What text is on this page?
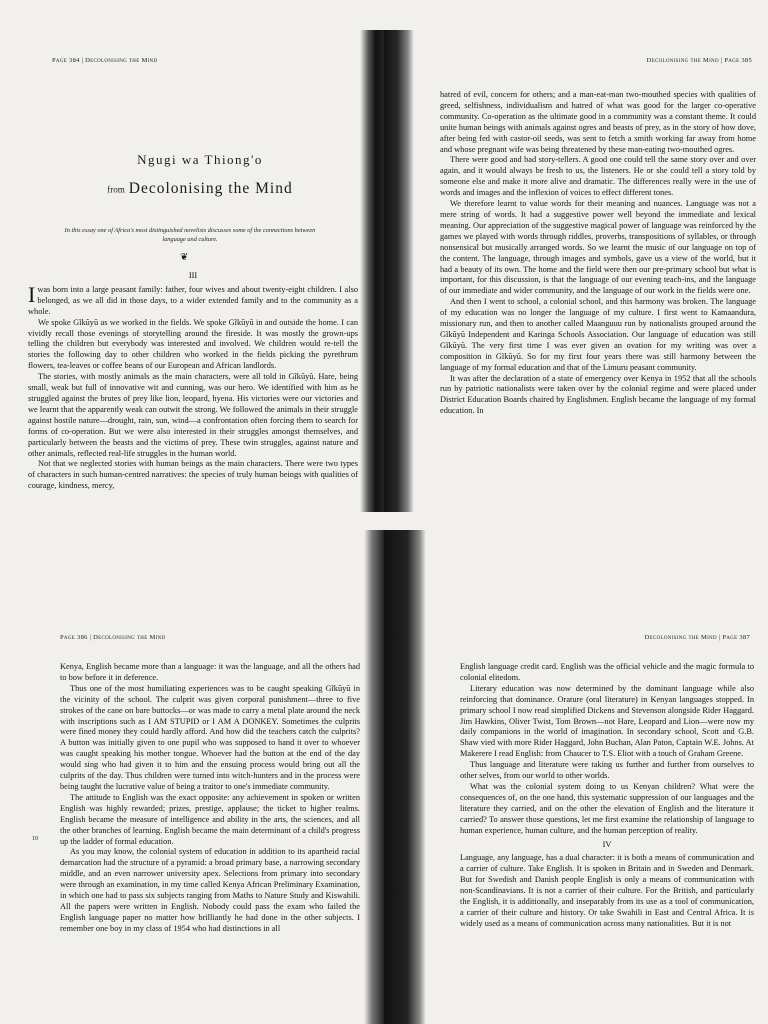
Page 384 | Decolonising the Mind
Ngugi wa Thiong'o
from Decolonising the Mind
In this essay one of Africa's most distinguished novelists discusses some of the connections between language and culture.
❦

III

Iwas born into a large peasant family: father, four wives and about twenty-eight children. I also belonged, as we all did in those days, to a wider extended family and to the community as a whole.

We spoke Gĩkũyũ as we worked in the fields. We spoke Gĩkũyũ in and outside the home. I can vividly recall those evenings of storytelling around the fireside. It was mostly the grown-ups telling the children but everybody was interested and involved. We children would re-tell the stories the following day to other children who worked in the fields picking the pyrethrum flowers, tea-leaves or coffee beans of our European and African landlords.

The stories, with mostly animals as the main characters, were all told in Gĩkũyũ. Hare, being small, weak but full of innovative wit and cunning, was our hero. We identified with him as he struggled against the brutes of prey like lion, leopard, hyena. His victories were our victories and we learnt that the apparently weak can outwit the strong. We followed the animals in their struggle against hostile nature—drought, rain, sun, wind—a confrontation often forcing them to search for forms of co-operation. But we were also interested in their struggles amongst themselves, and particularly between the beasts and the victims of prey. These twin struggles, against nature and other animals, reflected real-life struggles in the human world.

Not that we neglected stories with human beings as the main characters. There were two types of characters in such human-centred narratives: the species of truly human beings with qualities of courage, kindness, mercy,

Decolonising the Mind | Page 385

hatred of evil, concern for others; and a man-eat-man two-mouthed species with qualities of greed, selfishness, individualism and hatred of what was good for the larger co-operative community. Co-operation as the ultimate good in a community was a constant theme. It could unite human beings with animals against ogres and beasts of prey, as in the story of how dove, after being fed with castor-oil seeds, was sent to fetch a smith working far away from home and whose pregnant wife was being threatened by these man-eating two-mouthed ogres.

There were good and bad story-tellers. A good one could tell the same story over and over again, and it would always be fresh to us, the listeners. He or she could tell a story told by someone else and make it more alive and dramatic. The differences really were in the use of words and images and the inflexion of voices to effect different tones.

We therefore learnt to value words for their meaning and nuances. Language was not a mere string of words. It had a suggestive power well beyond the immediate and lexical meaning. Our appreciation of the suggestive magical power of language was reinforced by the games we played with words through riddles, proverbs, transpositions of syllables, or through nonsensical but musically arranged words. So we learnt the music of our language on top of the content. The language, through images and symbols, gave us a view of the world, but it had a beauty of its own. The home and the field were then our pre-primary school but what is important, for this discussion, is that the language of our evening teach-ins, and the language of our immediate and wider community, and the language of our work in the fields were one.

And then I went to school, a colonial school, and this harmony was broken. The language of my education was no longer the language of my culture. I first went to Kamaandura, missionary run, and then to another called Maanguuu run by nationalists grouped around the Gĩkũyũ Independent and Karinga Schools Association. Our language of education was still Gĩkũyũ. The very first time I was ever given an ovation for my writing was over a composition in Gĩkũyũ. So for my first four years there was still harmony between the language of my formal education and that of the Limuru peasant community.

It was after the declaration of a state of emergency over Kenya in 1952 that all the schools run by patriotic nationalists were taken over by the colonial regime and were placed under District Education Boards chaired by Englishmen. English became the language of my formal education. In

Page 386 | Decolonising the Mind
10

Kenya, English became more than a language: it was the language, and all the others had to bow before it in deference.

Thus one of the most humiliating experiences was to be caught speaking Gĩkũyũ in the vicinity of the school. The culprit was given corporal punishment—three to five strokes of the cane on bare buttocks—or was made to carry a metal plate around the neck with inscriptions such as I AM STUPID or I AM A DONKEY. Sometimes the culprits were fined money they could hardly afford. And how did the teachers catch the culprits? A button was initially given to one pupil who was supposed to hand it over to whoever was caught speaking his mother tongue. Whoever had the button at the end of the day would sing who had given it to him and the ensuing process would bring out all the culprits of the day. Thus children were turned into witch-hunters and in the process were being taught the lucrative value of being a traitor to one's immediate community.

The attitude to English was the exact opposite: any achievement in spoken or written English was highly rewarded; prizes, prestige, applause; the ticket to higher realms. English became the measure of intelligence and ability in the arts, the sciences, and all the other branches of learning. English became the main determinant of a child's progress up the ladder of formal education.

As you may know, the colonial system of education in addition to its apartheid racial demarcation had the structure of a pyramid: a broad primary base, a narrowing secondary middle, and an even narrower university apex. Selections from primary into secondary were through an examination, in my time called Kenya African Preliminary Examination, in which one had to pass six subjects ranging from Maths to Nature Study and Kiswahili. All the papers were written in English. Nobody could pass the exam who failed the English language paper no matter how brilliantly he had done in the other subjects. I remember one boy in my class of 1954 who had distinctions in all

Decolonising the Mind | Page 387

English language credit card. English was the official vehicle and the magic formula to colonial elitedom.

Literary education was now determined by the dominant language while also reinforcing that dominance. Orature (oral literature) in Kenyan languages stopped. In primary school I now read simplified Dickens and Stevenson alongside Rider Haggard. Jim Hawkins, Oliver Twist, Tom Brown—not Hare, Leopard and Lion—were now my daily companions in the world of imagination. In secondary school, Scott and G.B. Shaw vied with more Rider Haggard, John Buchan, Alan Paton, Captain W.E. Johns. At Makerere I read English: from Chaucer to T.S. Eliot with a touch of Graham Greene.

Thus language and literature were taking us further and further from ourselves to other selves, from our world to other worlds.

What was the colonial system doing to us Kenyan children? What were the consequences of, on the one hand, this systematic suppression of our languages and the literature they carried, and on the other the elevation of English and the literature it carried? To answer those questions, let me first examine the relationship of language to human experience, human culture, and the human perception of reality.

IV

Language, any language, has a dual character: it is both a means of communication and a carrier of culture. Take English. It is spoken in Britain and in Sweden and Denmark. But for Swedish and Danish people English is only a means of communication with non-Scandinavians. It is not a carrier of their culture. For the British, and particularly the English, it is additionally, and inseparably from its use as a tool of communication, a carrier of their culture and history. Or take Swahili in East and Central Africa. It is widely used as a means of communication across many nationalities. But it is not
